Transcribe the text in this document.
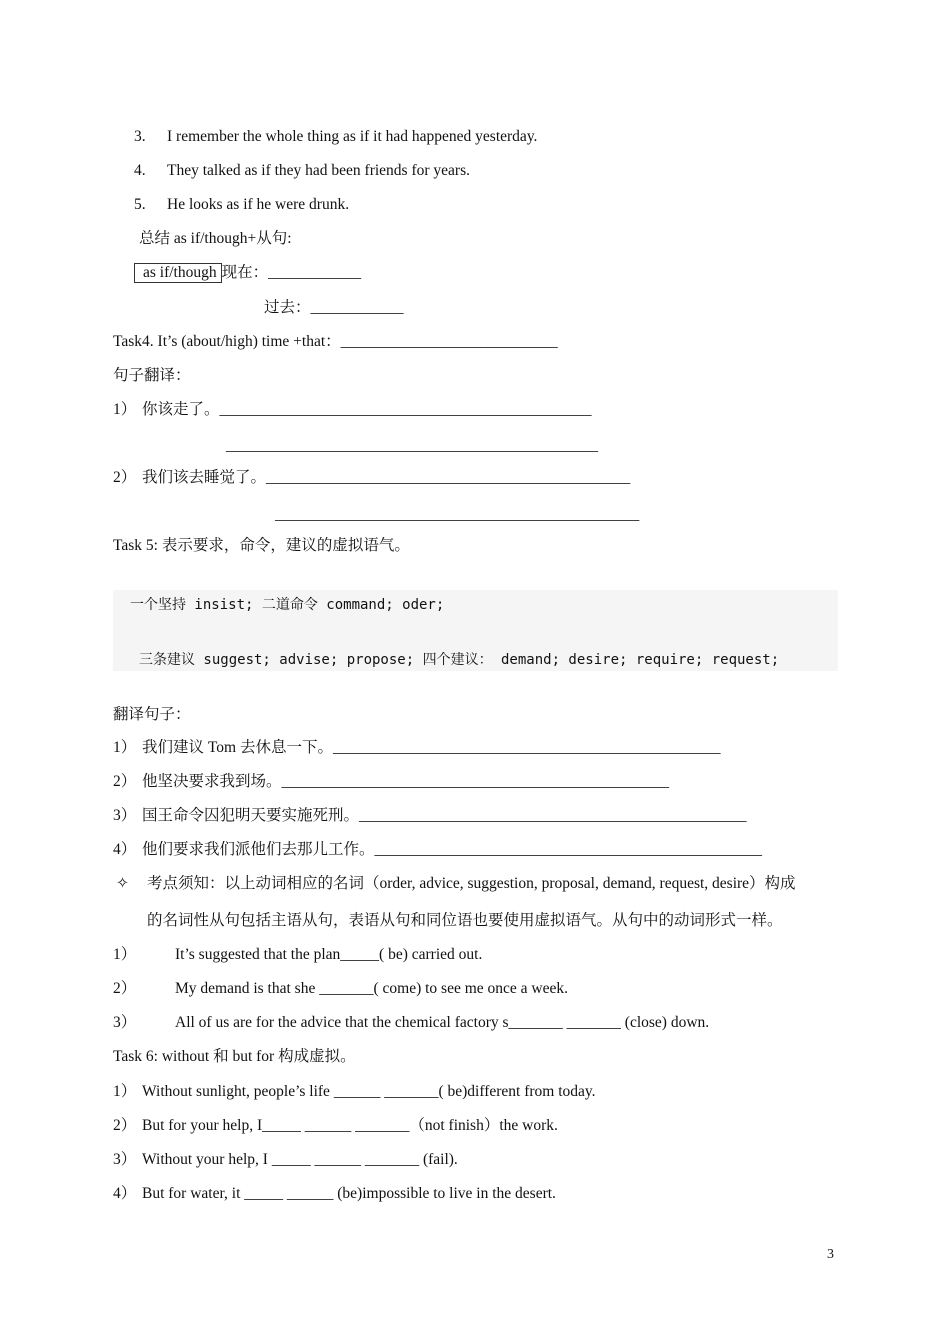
3. I remember the whole thing as if it had happened yesterday.
4. They talked as if they had been friends for years.
5. He looks as if he were drunk.
总结 as if/though+从句:
as if/though 现在：____________
过去：____________
Task4. It’s (about/high) time +that：____________________________
句子翻译：
1） 你该走了。________________________________________________
________________________________________________
2） 我们该去睡觉了。_______________________________________________
_______________________________________________
Task 5: 表示要求，命令，建议的虚拟语气。
一个坚持 insist; 二道命令 command; oder;
三条建议 suggest; advise; propose; 四个建议： demand; desire; require; request;
翻译句子：
1） 我们建议 Tom 去休息一下。__________________________________________________
2） 他坚决要求我到场。__________________________________________________
3） 国王命令囚犯明天要实施死刑。__________________________________________________
4） 他们要求我们派他们去那儿工作。__________________________________________________
✧ 考点须知：以上动词相应的名词（order, advice, suggestion, proposal, demand, request, desire）构成
的名词性从句包括主语从句，表语从句和同位语也要使用虚拟语气。从句中的动词形式一样。
1） It’s suggested that the plan_____( be) carried out.
2） My demand is that she _______( come) to see me once a week.
3） All of us are for the advice that the chemical factory s_______ _______ (close) down.
Task 6: without 和 but for 构成虚拟。
1） Without sunlight, people’s life ______ _______( be)different from today.
2） But for your help, I_____ ______ _______（not finish）the work.
3） Without your help, I _____ ______ _______ (fail).
4） But for water, it _____ ______ (be)impossible to live in the desert.
3
